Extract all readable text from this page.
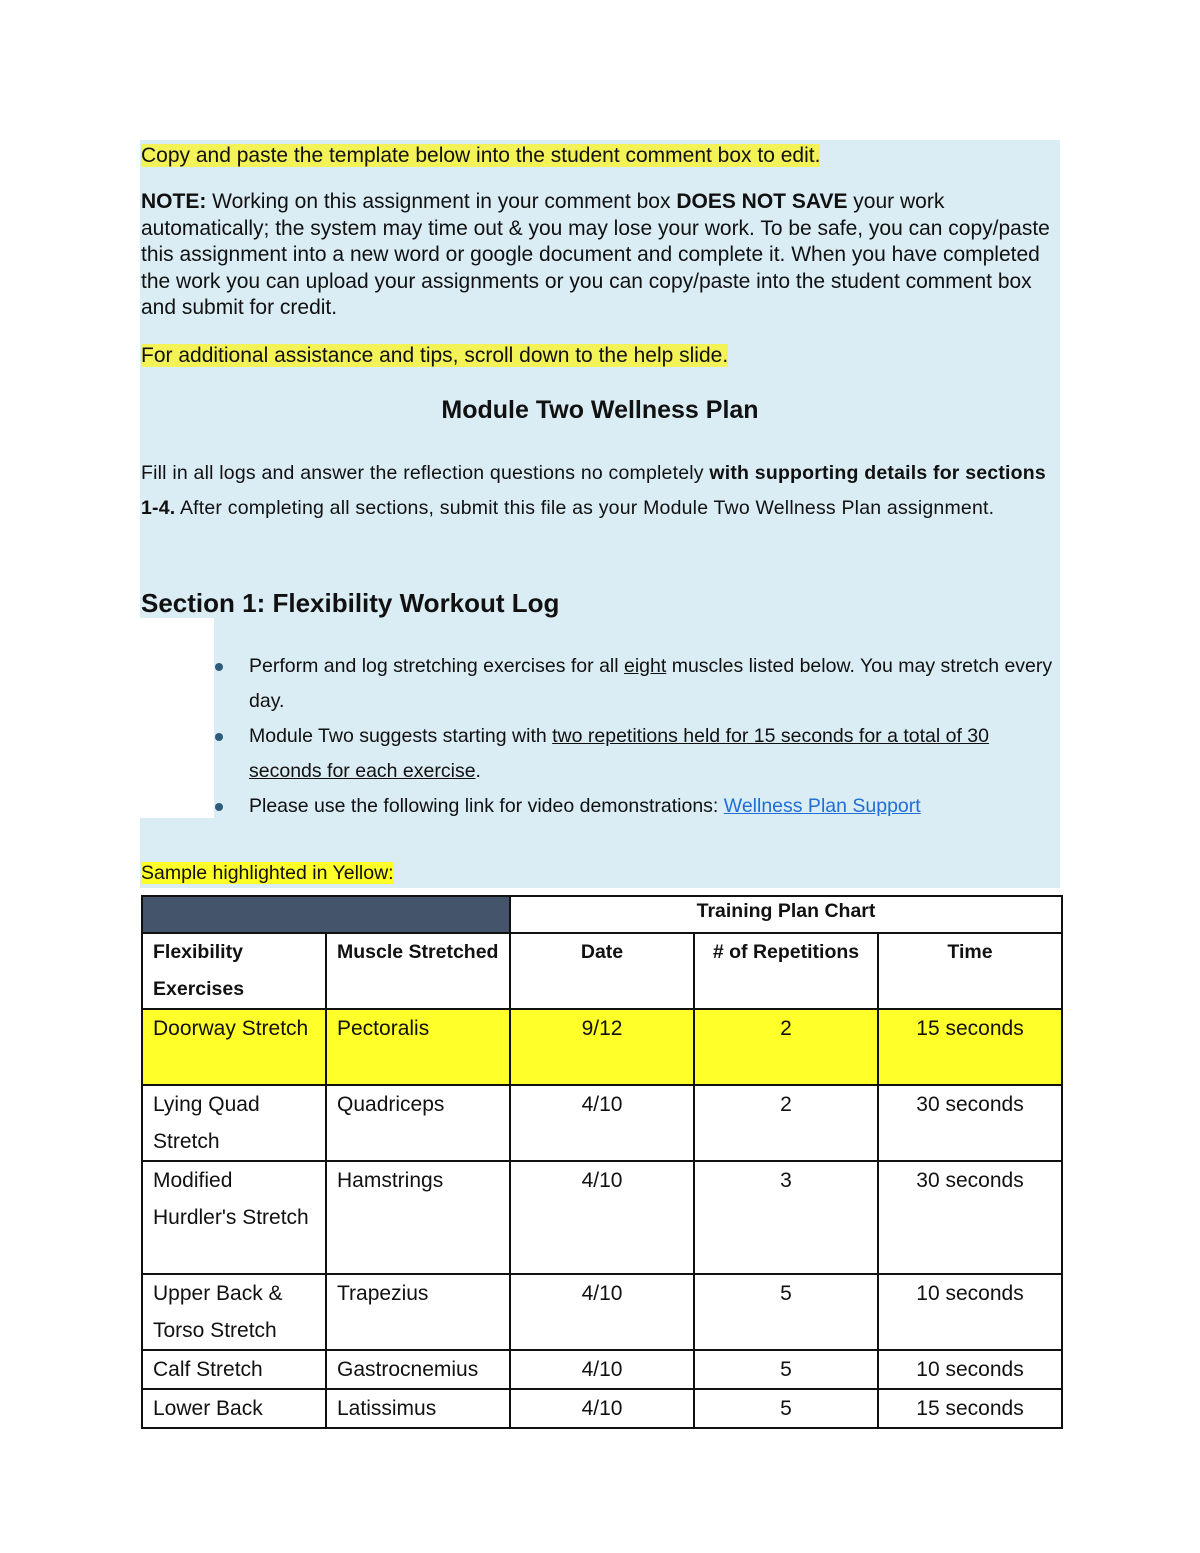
Copy and paste the template below into the student comment box to edit.
NOTE: Working on this assignment in your comment box DOES NOT SAVE your work automatically; the system may time out & you may lose your work. To be safe, you can copy/paste this assignment into a new word or google document and complete it. When you have completed the work you can upload your assignments or you can copy/paste into the student comment box and submit for credit.
For additional assistance and tips, scroll down to the help slide.
Module Two Wellness Plan
Fill in all logs and answer the reflection questions no completely with supporting details for sections 1-4. After completing all sections, submit this file as your Module Two Wellness Plan assignment.
Section 1: Flexibility Workout Log
Perform and log stretching exercises for all eight muscles listed below. You may stretch every day.
Module Two suggests starting with two repetitions held for 15 seconds for a total of 30 seconds for each exercise.
Please use the following link for video demonstrations: Wellness Plan Support
Sample highlighted in Yellow:
		Training Plan Chart		
Flexibility Exercises	Muscle Stretched	Date	# of Repetitions	Time
Doorway Stretch	Pectoralis	9/12	2	15 seconds
Lying Quad Stretch	Quadriceps	4/10	2	30 seconds
Modified Hurdler's Stretch	Hamstrings	4/10	3	30 seconds
Upper Back & Torso Stretch	Trapezius	4/10	5	10 seconds
Calf Stretch	Gastrocnemius	4/10	5	10 seconds
Lower Back	Latissimus	4/10	5	15 seconds
